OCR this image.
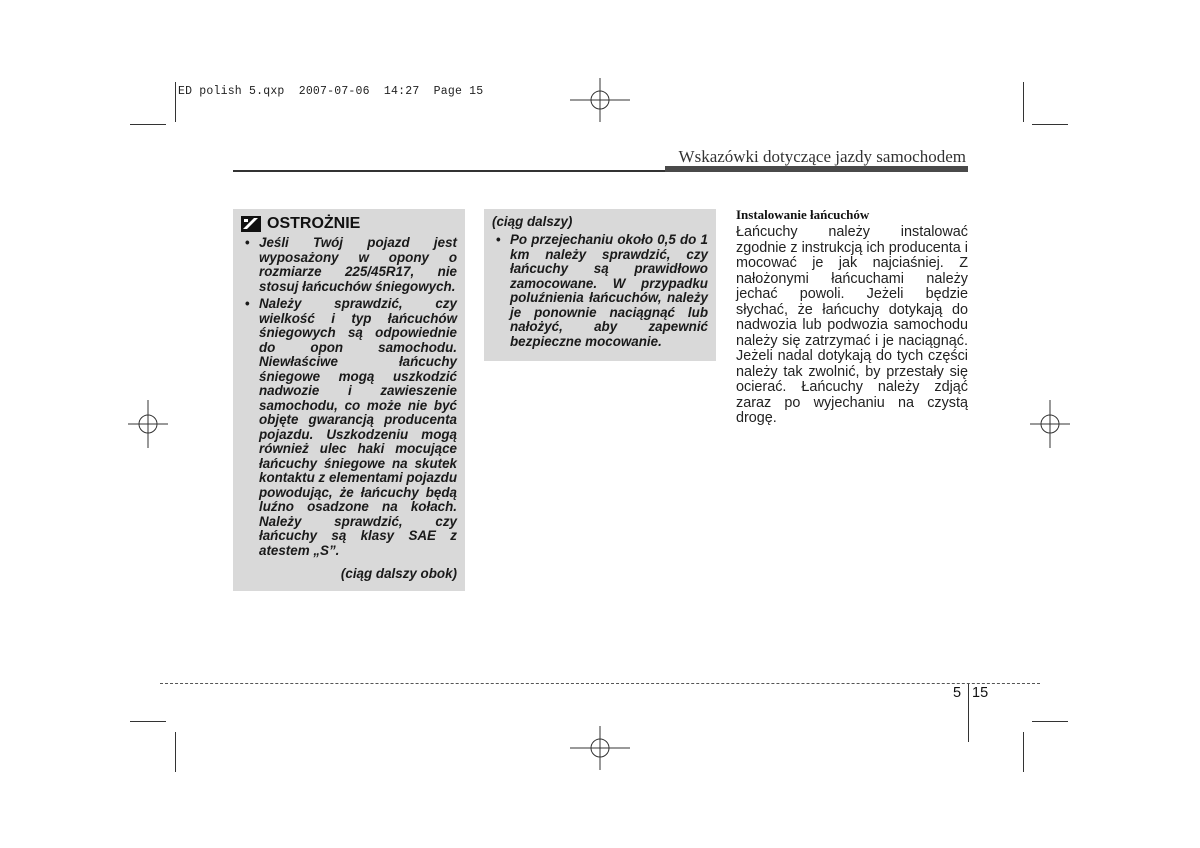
ED polish 5.qxp  2007-07-06  14:27  Page 15
Wskazówki dotyczące jazdy samochodem
OSTROŻNIE
• Jeśli Twój pojazd jest wyposażony w opony o rozmiarze 225/45R17, nie stosuj łańcuchów śniegowych.
• Należy sprawdzić, czy wielkość i typ łańcuchów śniegowych są odpowiednie do opon samochodu. Niewłaściwe łańcuchy śniegowe mogą uszkodzić nadwozie i zawieszenie samochodu, co może nie być objęte gwarancją producenta pojazdu. Uszkodzeniu mogą również ulec haki mocujące łańcuchy śniegowe na skutek kontaktu z elementami pojazdu powodując, że łańcuchy będą luźno osadzone na kołach. Należy sprawdzić, czy łańcuchy są klasy SAE z atestem „S”.
(ciąg dalszy obok)
(ciąg dalszy)
• Po przejechaniu około 0,5 do 1 km należy sprawdzić, czy łańcuchy są prawidłowo zamocowane. W przypadku poluźnienia łańcuchów, należy je ponownie naciągnąć lub nałożyć, aby zapewnić bezpieczne mocowanie.
Instalowanie łańcuchów

Łańcuchy należy instalować zgodnie z instrukcją ich producenta i mocować je jak najciaśniej. Z nałożonymi łańcuchami należy jechać powoli. Jeżeli będzie słychać, że łańcuchy dotykają do nadwozia lub podwozia samochodu należy się zatrzymać i je naciągnąć. Jeżeli nadal dotykają do tych części należy tak zwolnić, by przestały się ocierać. Łańcuchy należy zdjąć zaraz po wyjechaniu na czystą drogę.

5 15
